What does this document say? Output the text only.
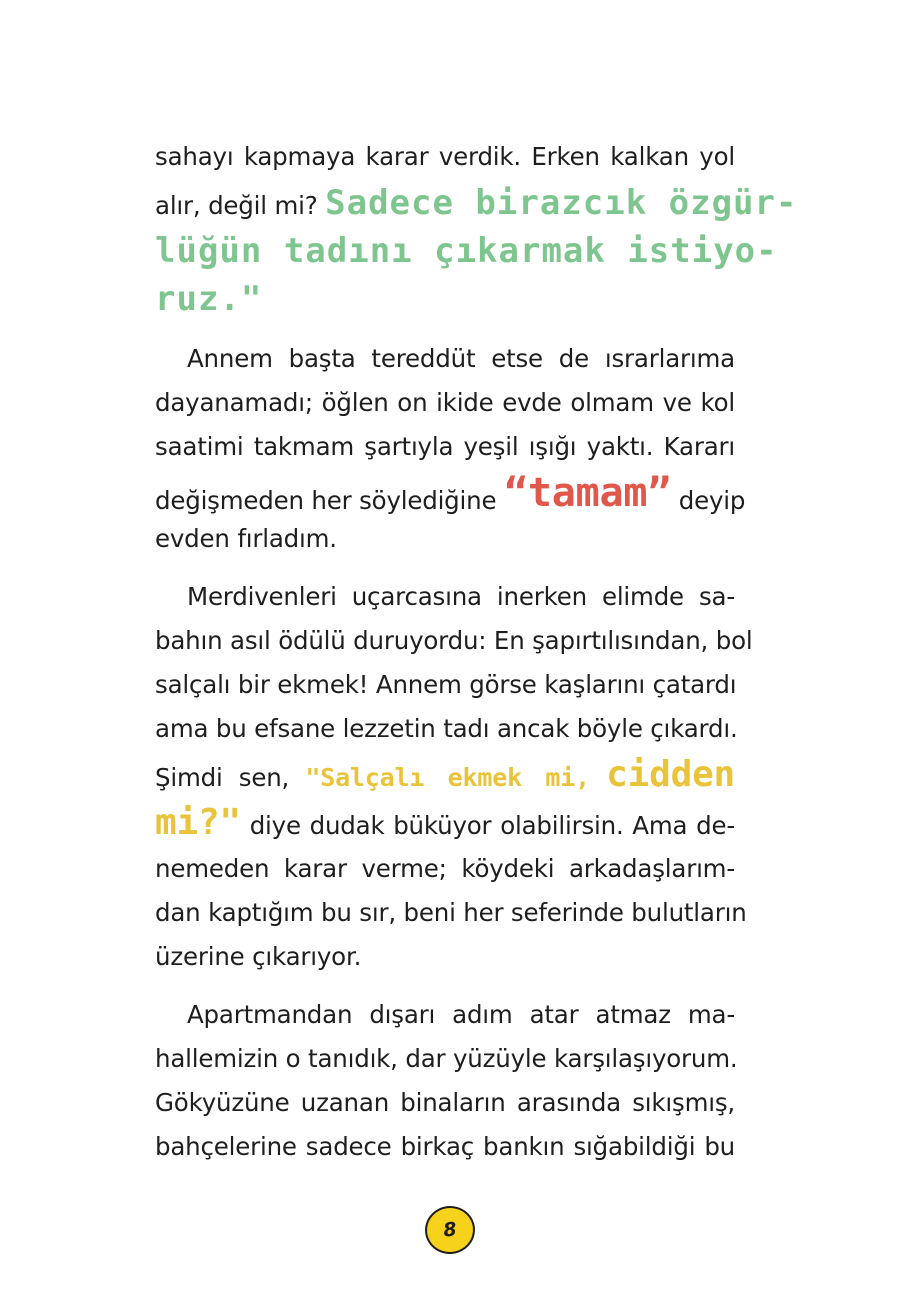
sahayı kapmaya karar verdik. Erken kalkan yol
alır, değil mi? Sadece birazcık özgür-
lüğün tadını çıkarmak istiyo-
ruz."
Annem başta tereddüt etse de ısrarlarıma
dayanamadı; öğlen on ikide evde olmam ve kol
saatimi takmam şartıyla yeşil ışığı yaktı. Kararı
değişmeden her söylediğine “tamam” deyip
evden fırladım.
Merdivenleri uçarcasına inerken elimde sa-
bahın asıl ödülü duruyordu: En şapırtılısından, bol
salçalı bir ekmek! Annem görse kaşlarını çatardı
ama bu efsane lezzetin tadı ancak böyle çıkardı.
Şimdi sen, "Salçalı ekmek mi, cidden
mi?" diye dudak büküyor olabilirsin. Ama de-
nemeden karar verme; köydeki arkadaşlarım-
dan kaptığım bu sır, beni her seferinde bulutların
üzerine çıkarıyor.
Apartmandan dışarı adım atar atmaz ma-
hallemizin o tanıdık, dar yüzüyle karşılaşıyorum.
Gökyüzüne uzanan binaların arasında sıkışmış,
bahçelerine sadece birkaç bankın sığabildiği bu
8
